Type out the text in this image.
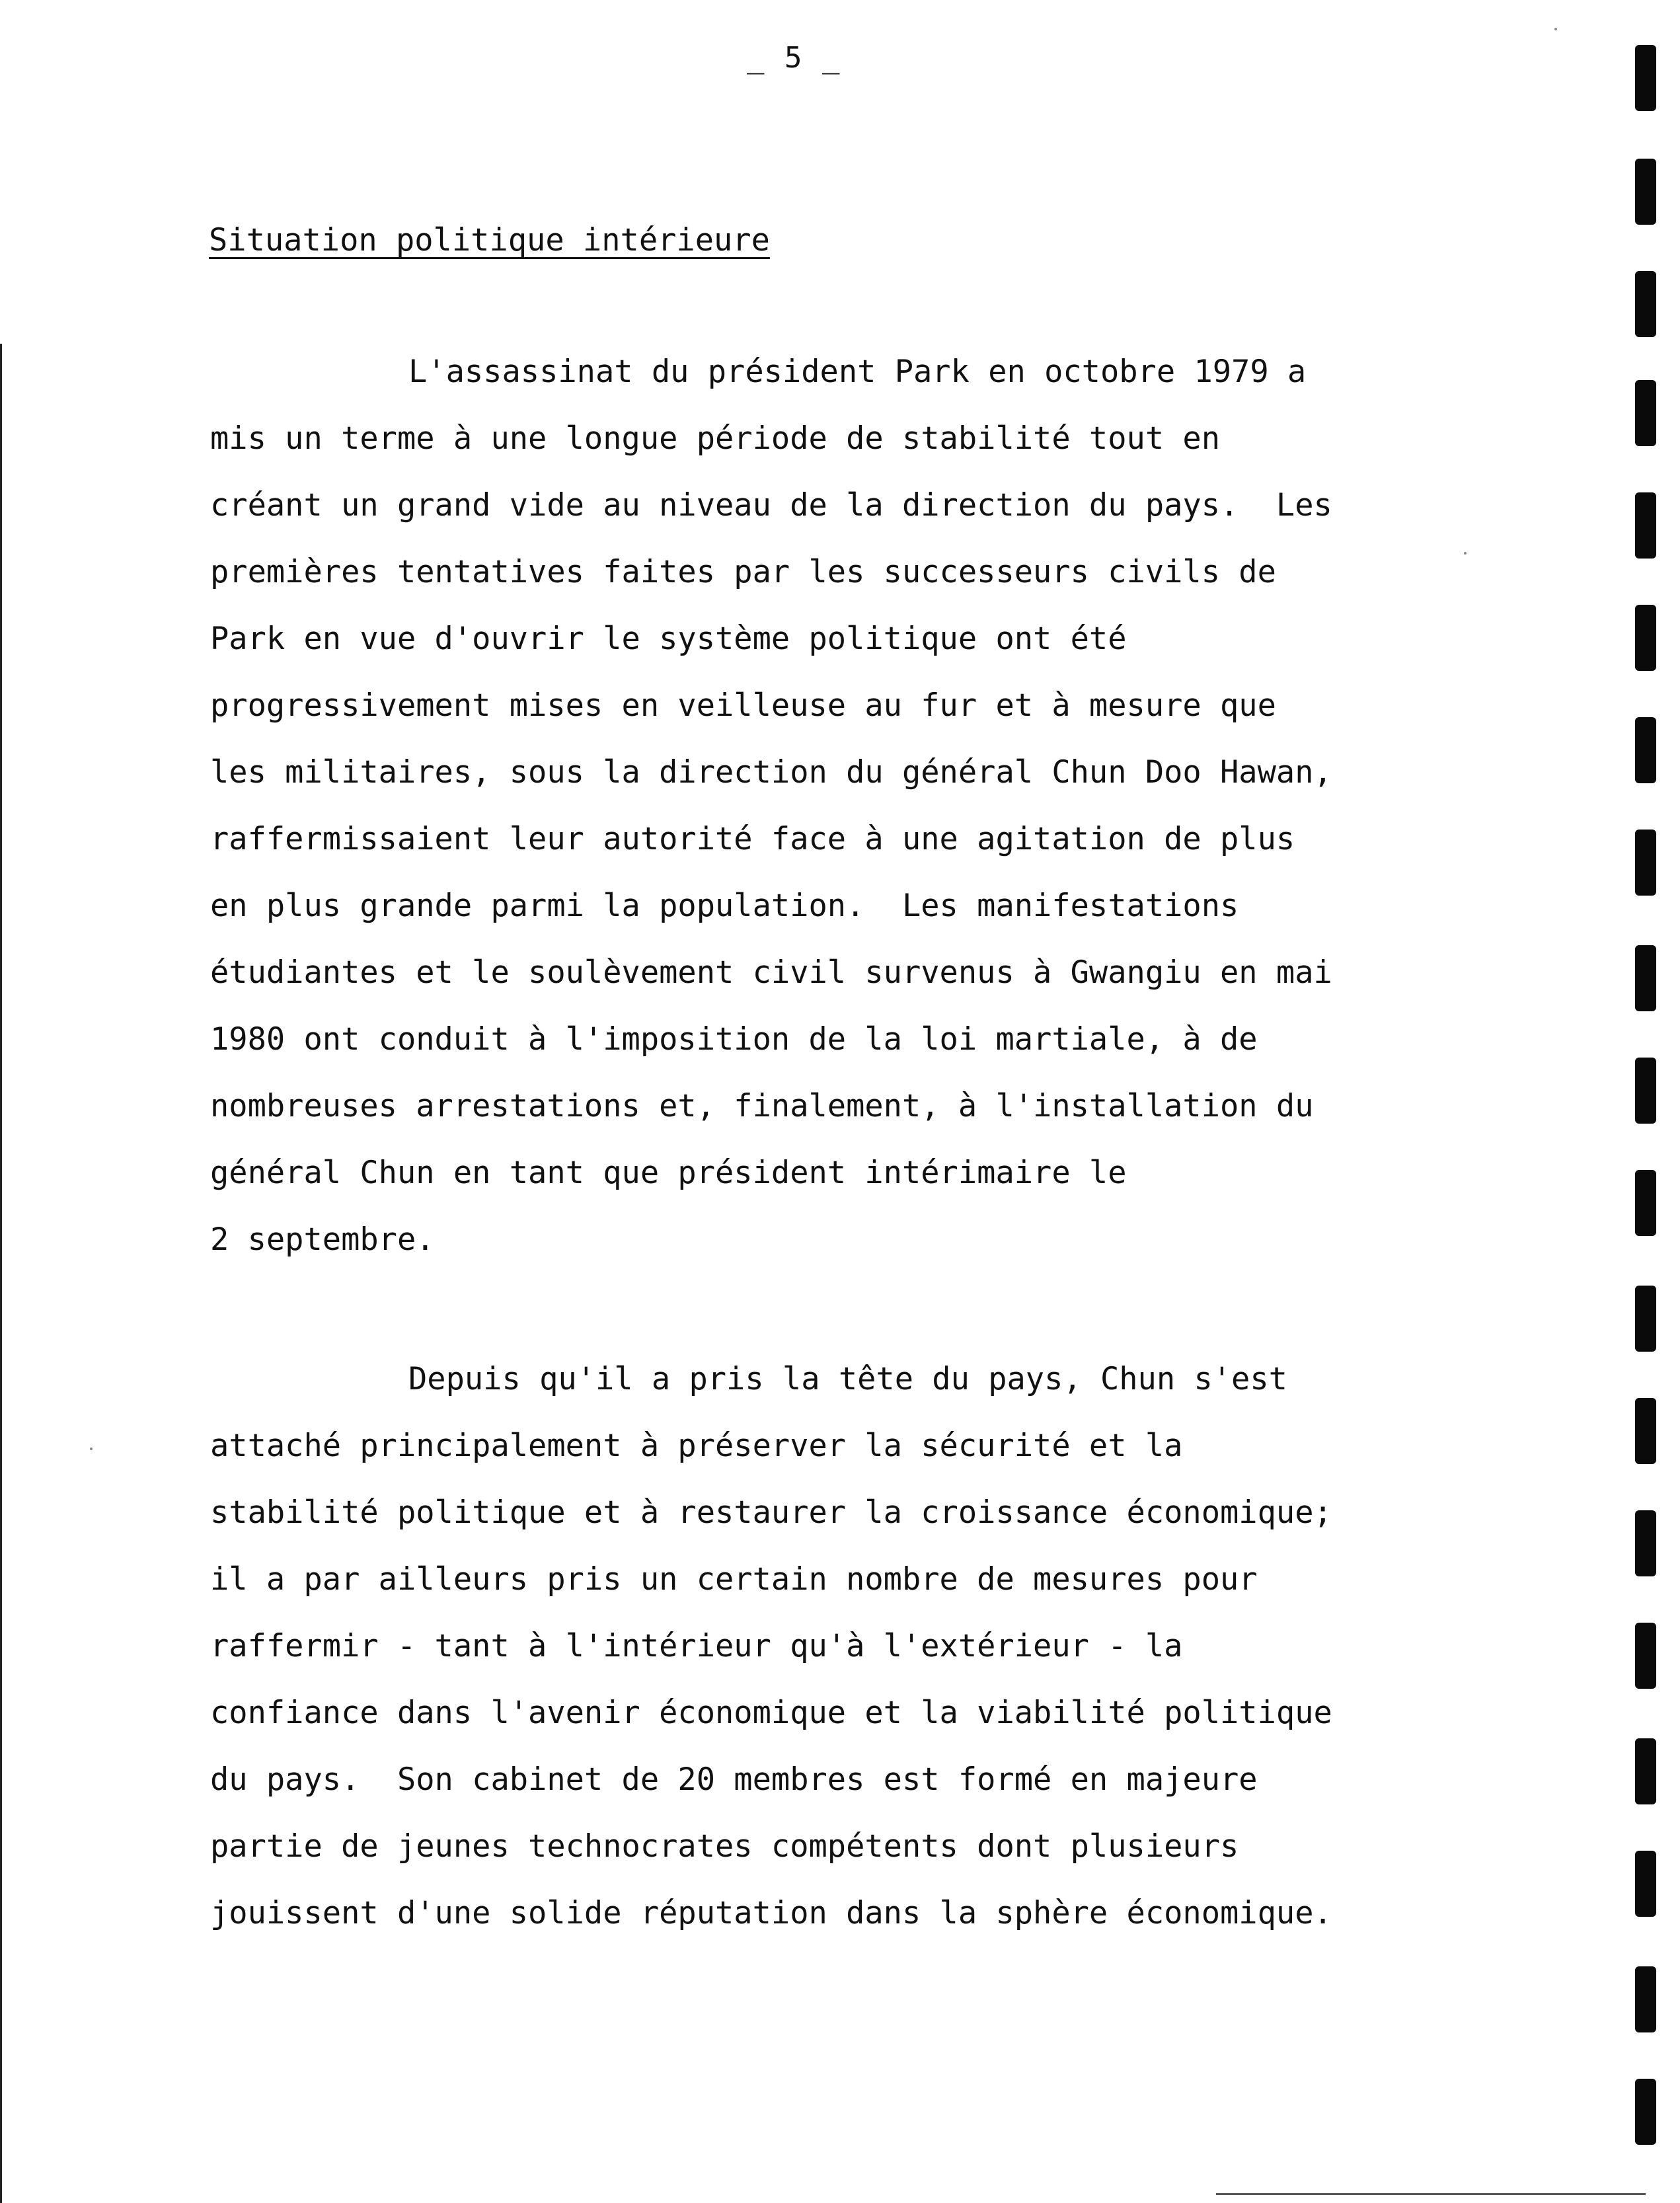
_ 5 _
Situation politique intérieure
L'assassinat du président Park en octobre 1979 a
mis un terme à une longue période de stabilité tout en
créant un grand vide au niveau de la direction du pays.  Les
premières tentatives faites par les successeurs civils de
Park en vue d'ouvrir le système politique ont été
progressivement mises en veilleuse au fur et à mesure que
les militaires, sous la direction du général Chun Doo Hawan,
raffermissaient leur autorité face à une agitation de plus
en plus grande parmi la population.  Les manifestations
étudiantes et le soulèvement civil survenus à Gwangiu en mai
1980 ont conduit à l'imposition de la loi martiale, à de
nombreuses arrestations et, finalement, à l'installation du
général Chun en tant que président intérimaire le
2 septembre.
Depuis qu'il a pris la tête du pays, Chun s'est
attaché principalement à préserver la sécurité et la
stabilité politique et à restaurer la croissance économique;
il a par ailleurs pris un certain nombre de mesures pour
raffermir - tant à l'intérieur qu'à l'extérieur - la
confiance dans l'avenir économique et la viabilité politique
du pays.  Son cabinet de 20 membres est formé en majeure
partie de jeunes technocrates compétents dont plusieurs
jouissent d'une solide réputation dans la sphère économique.
